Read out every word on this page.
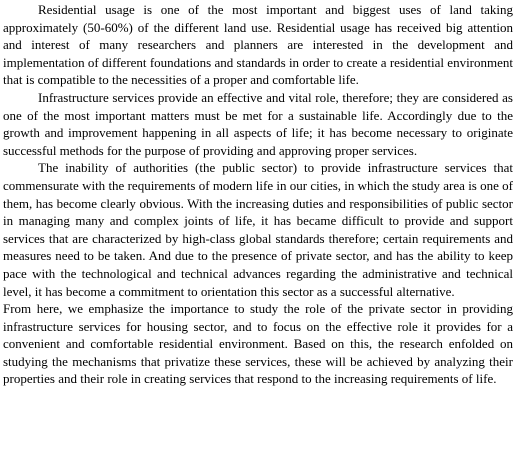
Residential usage is one of the most important and biggest uses of land taking approximately (50-60%) of the different land use. Residential usage has received big attention and interest of many researchers and planners are interested in the development and implementation of different foundations and standards in order to create a residential environment that is compatible to the necessities of a proper and comfortable life.

Infrastructure services provide an effective and vital role, therefore; they are considered as one of the most important matters must be met for a sustainable life. Accordingly due to the growth and improvement happening in all aspects of life; it has become necessary to originate successful methods for the purpose of providing and approving proper services.

The inability of authorities (the public sector) to provide infrastructure services that commensurate with the requirements of modern life in our cities, in which the study area is one of them, has become clearly obvious. With the increasing duties and responsibilities of public sector in managing many and complex joints of life, it has became difficult to provide and support services that are characterized by high-class global standards therefore; certain requirements and measures need to be taken. And due to the presence of private sector, and has the ability to keep pace with the technological and technical advances regarding the administrative and technical level, it has become a commitment to orientation this sector as a successful alternative.

From here, we emphasize the importance to study the role of the private sector in providing infrastructure services for housing sector, and to focus on the effective role it provides for a convenient and comfortable residential environment. Based on this, the research enfolded on studying the mechanisms that privatize these services, these will be achieved by analyzing their properties and their role in creating services that respond to the increasing requirements of life.
